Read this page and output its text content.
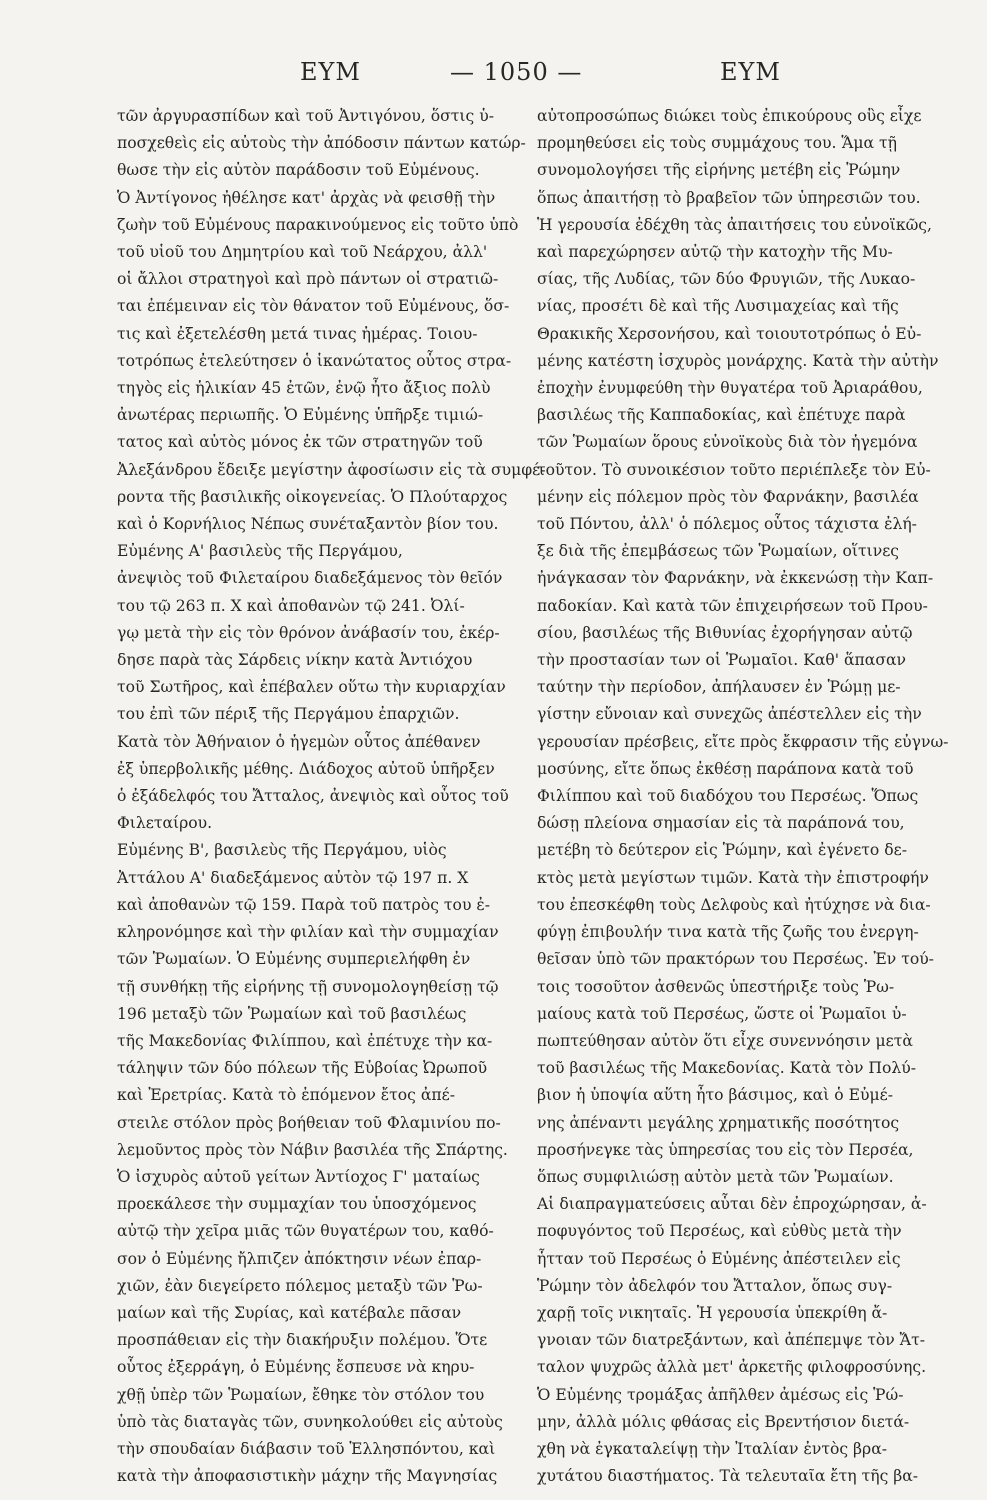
ΕΥΜ	— 1050 —	ΕΥΜ
τῶν ἀργυρασπίδων καὶ τοῦ Ἀντιγόνου, ὅστις ὑ-
ποσχεθεὶς εἰς αὐτοὺς τὴν ἀπόδοσιν πάντων κατώρ-
θωσε τὴν εἰς αὐτὸν παράδοσιν τοῦ Εὐμένους.
Ὁ Ἀντίγονος ἠθέλησε κατ' ἀρχὰς νὰ φεισθῇ τὴν
ζωὴν τοῦ Εὐμένους παρακινούμενος εἰς τοῦτο ὑπὸ
τοῦ υἱοῦ του Δημητρίου καὶ τοῦ Νεάρχου, ἀλλ'
οἱ ἄλλοι στρατηγοὶ καὶ πρὸ πάντων οἱ στρατιῶ-
ται ἐπέμειναν εἰς τὸν θάνατον τοῦ Εὐμένους, ὅσ-
τις καὶ ἐξετελέσθη μετά τινας ἡμέρας. Τοιου-
τοτρόπως ἐτελεύτησεν ὁ ἱκανώτατος οὗτος στρα-
τηγὸς εἰς ἡλικίαν 45 ἐτῶν, ἐνῷ ἦτο ἄξιος πολὺ
ἀνωτέρας περιωπῆς. Ὁ Εὐμένης ὑπῆρξε τιμιώ-
τατος καὶ αὐτὸς μόνος ἐκ τῶν στρατηγῶν τοῦ
Ἀλεξάνδρου ἔδειξε μεγίστην ἀφοσίωσιν εἰς τὰ συμφέ-
ροντα τῆς βασιλικῆς οἰκογενείας. Ὁ Πλούταρχος
καὶ ὁ Κορνήλιος Νέπως συνέταξαντὸν βίον του.
Εὐμένης Α' βασιλεὺς τῆς Περγάμου,
ἀνεψιὸς τοῦ Φιλεταίρου διαδεξάμενος τὸν θεῖόν
του τῷ 263 π. Χ καὶ ἀποθανὼν τῷ 241. Ὀλί-
γῳ μετὰ τὴν εἰς τὸν θρόνον ἀνάβασίν του, ἐκέρ-
δησε παρὰ τὰς Σάρδεις νίκην κατὰ Ἀντιόχου
τοῦ Σωτῆρος, καὶ ἐπέβαλεν οὕτω τὴν κυριαρχίαν
του ἐπὶ τῶν πέριξ τῆς Περγάμου ἐπαρχιῶν.
Κατὰ τὸν Ἀθήναιον ὁ ἡγεμὼν οὗτος ἀπέθανεν
ἐξ ὑπερβολικῆς μέθης. Διάδοχος αὐτοῦ ὑπῆρξεν
ὁ ἐξάδελφός του Ἄτταλος, ἀνεψιὸς καὶ οὗτος τοῦ
Φιλεταίρου.
Εὐμένης Β', βασιλεὺς τῆς Περγάμου, υἱὸς
Ἀττάλου Α' διαδεξάμενος αὐτὸν τῷ 197 π. Χ
καὶ ἀποθανὼν τῷ 159. Παρὰ τοῦ πατρὸς του ἐ-
κληρονόμησε καὶ τὴν φιλίαν καὶ τὴν συμμαχίαν
τῶν Ῥωμαίων. Ὁ Εὐμένης συμπεριελήφθη ἐν
τῇ συνθήκῃ τῆς εἰρήνης τῇ συνομολογηθείσῃ τῷ
196 μεταξὺ τῶν Ῥωμαίων καὶ τοῦ βασιλέως
τῆς Μακεδονίας Φιλίππου, καὶ ἐπέτυχε τὴν κα-
τάληψιν τῶν δύο πόλεων τῆς Εὐβοίας Ὠρωποῦ
καὶ Ἐρετρίας. Κατὰ τὸ ἑπόμενον ἔτος ἀπέ-
στειλε στόλον πρὸς βοήθειαν τοῦ Φλαμινίου πο-
λεμοῦντος πρὸς τὸν Νάβιν βασιλέα τῆς Σπάρτης.
Ὁ ἰσχυρὸς αὐτοῦ γείτων Ἀντίοχος Γ' ματαίως
προεκάλεσε τὴν συμμαχίαν του ὑποσχόμενος
αὐτῷ τὴν χεῖρα μιᾶς τῶν θυγατέρων του, καθό-
σον ὁ Εὐμένης ἤλπιζεν ἀπόκτησιν νέων ἐπαρ-
χιῶν, ἐὰν διεγείρετο πόλεμος μεταξὺ τῶν Ῥω-
μαίων καὶ τῆς Συρίας, καὶ κατέβαλε πᾶσαν
προσπάθειαν εἰς τὴν διακήρυξιν πολέμου. Ὅτε
οὗτος ἐξερράγη, ὁ Εὐμένης ἔσπευσε νὰ κηρυ-
χθῇ ὑπὲρ τῶν Ῥωμαίων, ἔθηκε τὸν στόλον του
ὑπὸ τὰς διαταγὰς τῶν, συνηκολούθει εἰς αὐτοὺς
τὴν σπουδαίαν διάβασιν τοῦ Ἑλλησπόντου, καὶ
κατὰ τὴν ἀποφασιστικὴν μάχην τῆς Μαγνησίας
αὐτοπροσώπως διώκει τοὺς ἐπικούρους οὓς εἶχε
προμηθεύσει εἰς τοὺς συμμάχους του. Ἅμα τῇ
συνομολογήσει τῆς εἰρήνης μετέβη εἰς Ῥώμην
ὅπως ἀπαιτήσῃ τὸ βραβεῖον τῶν ὑπηρεσιῶν του.
Ἡ γερουσία ἐδέχθη τὰς ἀπαιτήσεις του εὐνοϊκῶς,
καὶ παρεχώρησεν αὐτῷ τὴν κατοχὴν τῆς Μυ-
σίας, τῆς Λυδίας, τῶν δύο Φρυγιῶν, τῆς Λυκαο-
νίας, προσέτι δὲ καὶ τῆς Λυσιμαχείας καὶ τῆς
Θρακικῆς Χερσονήσου, καὶ τοιουτοτρόπως ὁ Εὐ-
μένης κατέστη ἰσχυρὸς μονάρχης. Κατὰ τὴν αὐτὴν
ἐποχὴν ἐνυμφεύθη τὴν θυγατέρα τοῦ Ἀριαράθου,
βασιλέως τῆς Καππαδοκίας, καὶ ἐπέτυχε παρὰ
τῶν Ῥωμαίων ὅρους εὐνοϊκοὺς διὰ τὸν ἡγεμόνα
τοῦτον. Τὸ συνοικέσιον τοῦτο περιέπλεξε τὸν Εὐ-
μένην εἰς πόλεμον πρὸς τὸν Φαρνάκην, βασιλέα
τοῦ Πόντου, ἀλλ' ὁ πόλεμος οὗτος τάχιστα ἐλή-
ξε διὰ τῆς ἐπεμβάσεως τῶν Ῥωμαίων, οἵτινες
ἠνάγκασαν τὸν Φαρνάκην, νὰ ἐκκενώσῃ τὴν Καπ-
παδοκίαν. Καὶ κατὰ τῶν ἐπιχειρήσεων τοῦ Πρου-
σίου, βασιλέως τῆς Βιθυνίας ἐχορήγησαν αὐτῷ
τὴν προστασίαν των οἱ Ῥωμαῖοι. Καθ' ἅπασαν
ταύτην τὴν περίοδον, ἀπήλαυσεν ἐν Ῥώμῃ με-
γίστην εὔνοιαν καὶ συνεχῶς ἀπέστελλεν εἰς τὴν
γερουσίαν πρέσβεις, εἴτε πρὸς ἔκφρασιν τῆς εὐγνω-
μοσύνης, εἴτε ὅπως ἐκθέσῃ παράπονα κατὰ τοῦ
Φιλίππου καὶ τοῦ διαδόχου του Περσέως. Ὅπως
δώσῃ πλείονα σημασίαν εἰς τὰ παράπονά του,
μετέβη τὸ δεύτερον εἰς Ῥώμην, καὶ ἐγένετο δε-
κτὸς μετὰ μεγίστων τιμῶν. Κατὰ τὴν ἐπιστροφήν
του ἐπεσκέφθη τοὺς Δελφοὺς καὶ ἠτύχησε νὰ δια-
φύγῃ ἐπιβουλήν τινα κατὰ τῆς ζωῆς του ἐνεργη-
θεῖσαν ὑπὸ τῶν πρακτόρων του Περσέως. Ἐν τού-
τοις τοσοῦτον ἀσθενῶς ὑπεστήριξε τοὺς Ῥω-
μαίους κατὰ τοῦ Περσέως, ὥστε οἱ Ῥωμαῖοι ὑ-
πωπτεύθησαν αὐτὸν ὅτι εἶχε συνεννόησιν μετὰ
τοῦ βασιλέως τῆς Μακεδονίας. Κατὰ τὸν Πολύ-
βιον ἡ ὑποψία αὕτη ἦτο βάσιμος, καὶ ὁ Εὐμέ-
νης ἀπέναντι μεγάλης χρηματικῆς ποσότητος
προσήνεγκε τὰς ὑπηρεσίας του εἰς τὸν Περσέα,
ὅπως συμφιλιώσῃ αὐτὸν μετὰ τῶν Ῥωμαίων.
Αἱ διαπραγματεύσεις αὗται δὲν ἐπροχώρησαν, ἀ-
ποφυγόντος τοῦ Περσέως, καὶ εὐθὺς μετὰ τὴν
ἧτταν τοῦ Περσέως ὁ Εὐμένης ἀπέστειλεν εἰς
Ῥώμην τὸν ἀδελφόν του Ἄτταλον, ὅπως συγ-
χαρῇ τοῖς νικηταῖς. Ἡ γερουσία ὑπεκρίθη ἄ-
γνοιαν τῶν διατρεξάντων, καὶ ἀπέπεμψε τὸν Ἄτ-
ταλον ψυχρῶς ἀλλὰ μετ' ἀρκετῆς φιλοφροσύνης.
Ὁ Εὐμένης τρομάξας ἀπῆλθεν ἀμέσως εἰς Ῥώ-
μην, ἀλλὰ μόλις φθάσας εἰς Βρεντήσιον διετά-
χθη νὰ ἐγκαταλείψῃ τὴν Ἰταλίαν ἐντὸς βρα-
χυτάτου διαστήματος. Τὰ τελευταῖα ἔτη τῆς βα-
